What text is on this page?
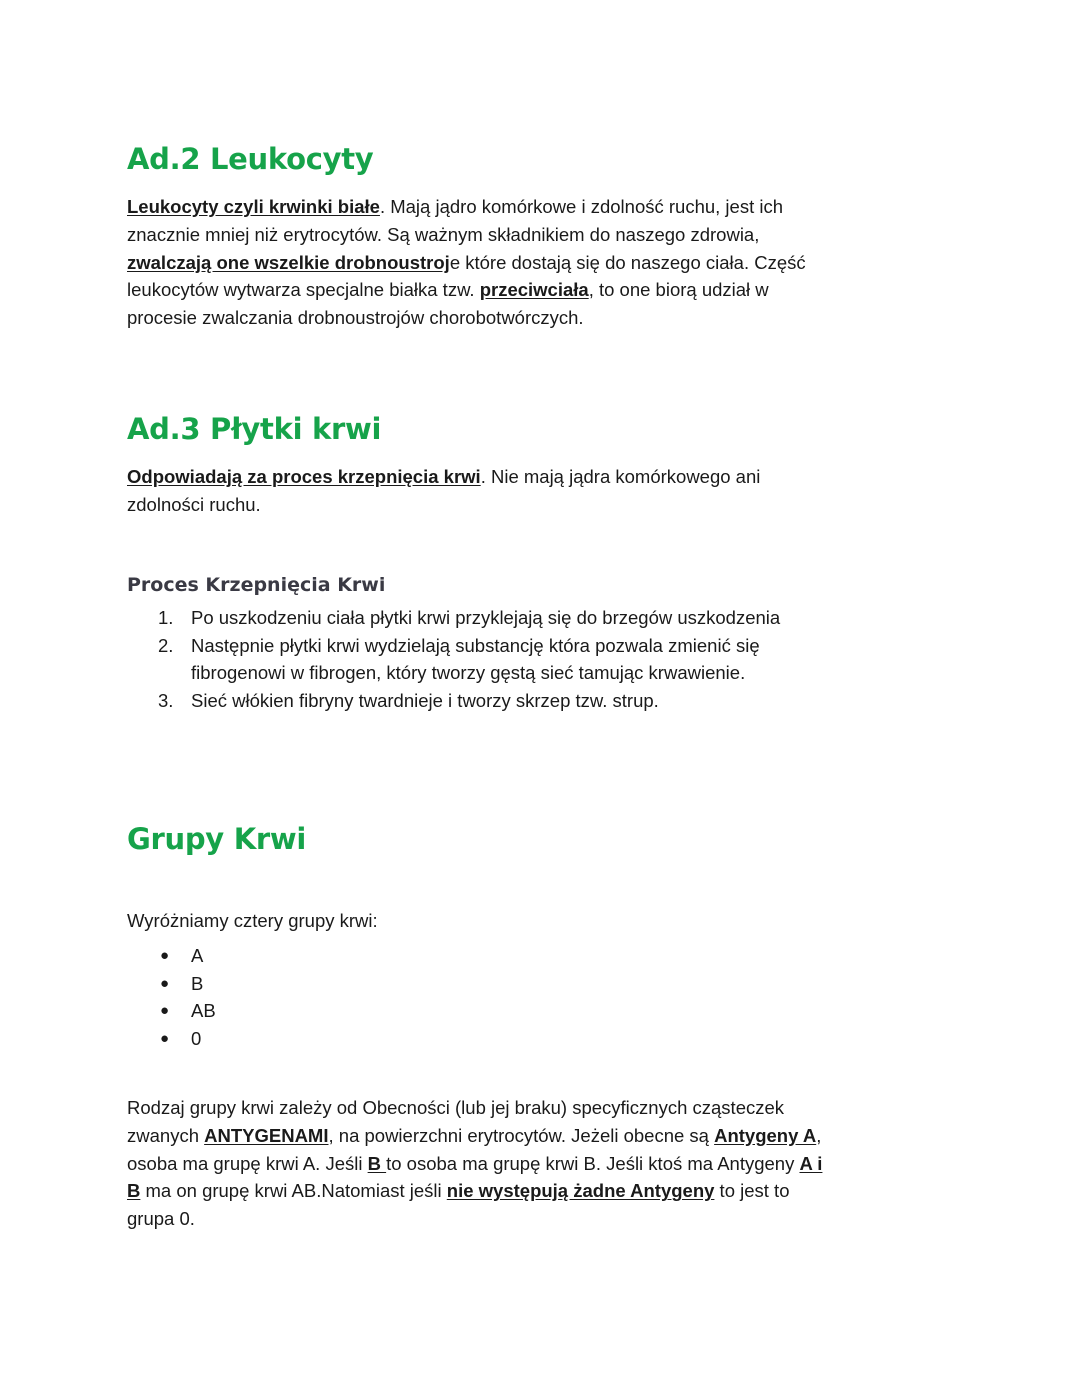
Ad.2 Leukocyty

Leukocyty czyli krwinki białe. Mają jądro komórkowe i zdolność ruchu, jest ich znacznie mniej niż erytrocytów. Są ważnym składnikiem do naszego zdrowia, zwalczają one wszelkie drobnoustroje które dostają się do naszego ciała. Część leukocytów wytwarza specjalne białka tzw. przeciwciała, to one biorą udział w procesie zwalczania drobnoustrojów chorobotwórczych.

Ad.3 Płytki krwi

Odpowiadają za proces krzepnięcia krwi. Nie mają jądra komórkowego ani zdolności ruchu.

Proces Krzepnięcia Krwi
1. Po uszkodzeniu ciała płytki krwi przyklejają się do brzegów uszkodzenia
2. Następnie płytki krwi wydzielają substancję która pozwala zmienić się fibrogenowi w fibrogen, który tworzy gęstą sieć tamując krwawienie.
3. Sieć włókien fibryny twardnieje i tworzy skrzep tzw. strup.
Grupy Krwi

Wyróżniamy cztery grupy krwi:

● A
● B
● AB
● 0

Rodzaj grupy krwi zależy od Obecności (lub jej braku) specyficznych cząsteczek zwanych ANTYGENAMI, na powierzchni erytrocytów. Jeżeli obecne są Antygeny A, osoba ma grupę krwi A. Jeśli B to osoba ma grupę krwi B. Jeśli ktoś ma Antygeny A i B ma on grupę krwi AB.Natomiast jeśli nie występują żadne Antygeny to jest to grupa 0.
